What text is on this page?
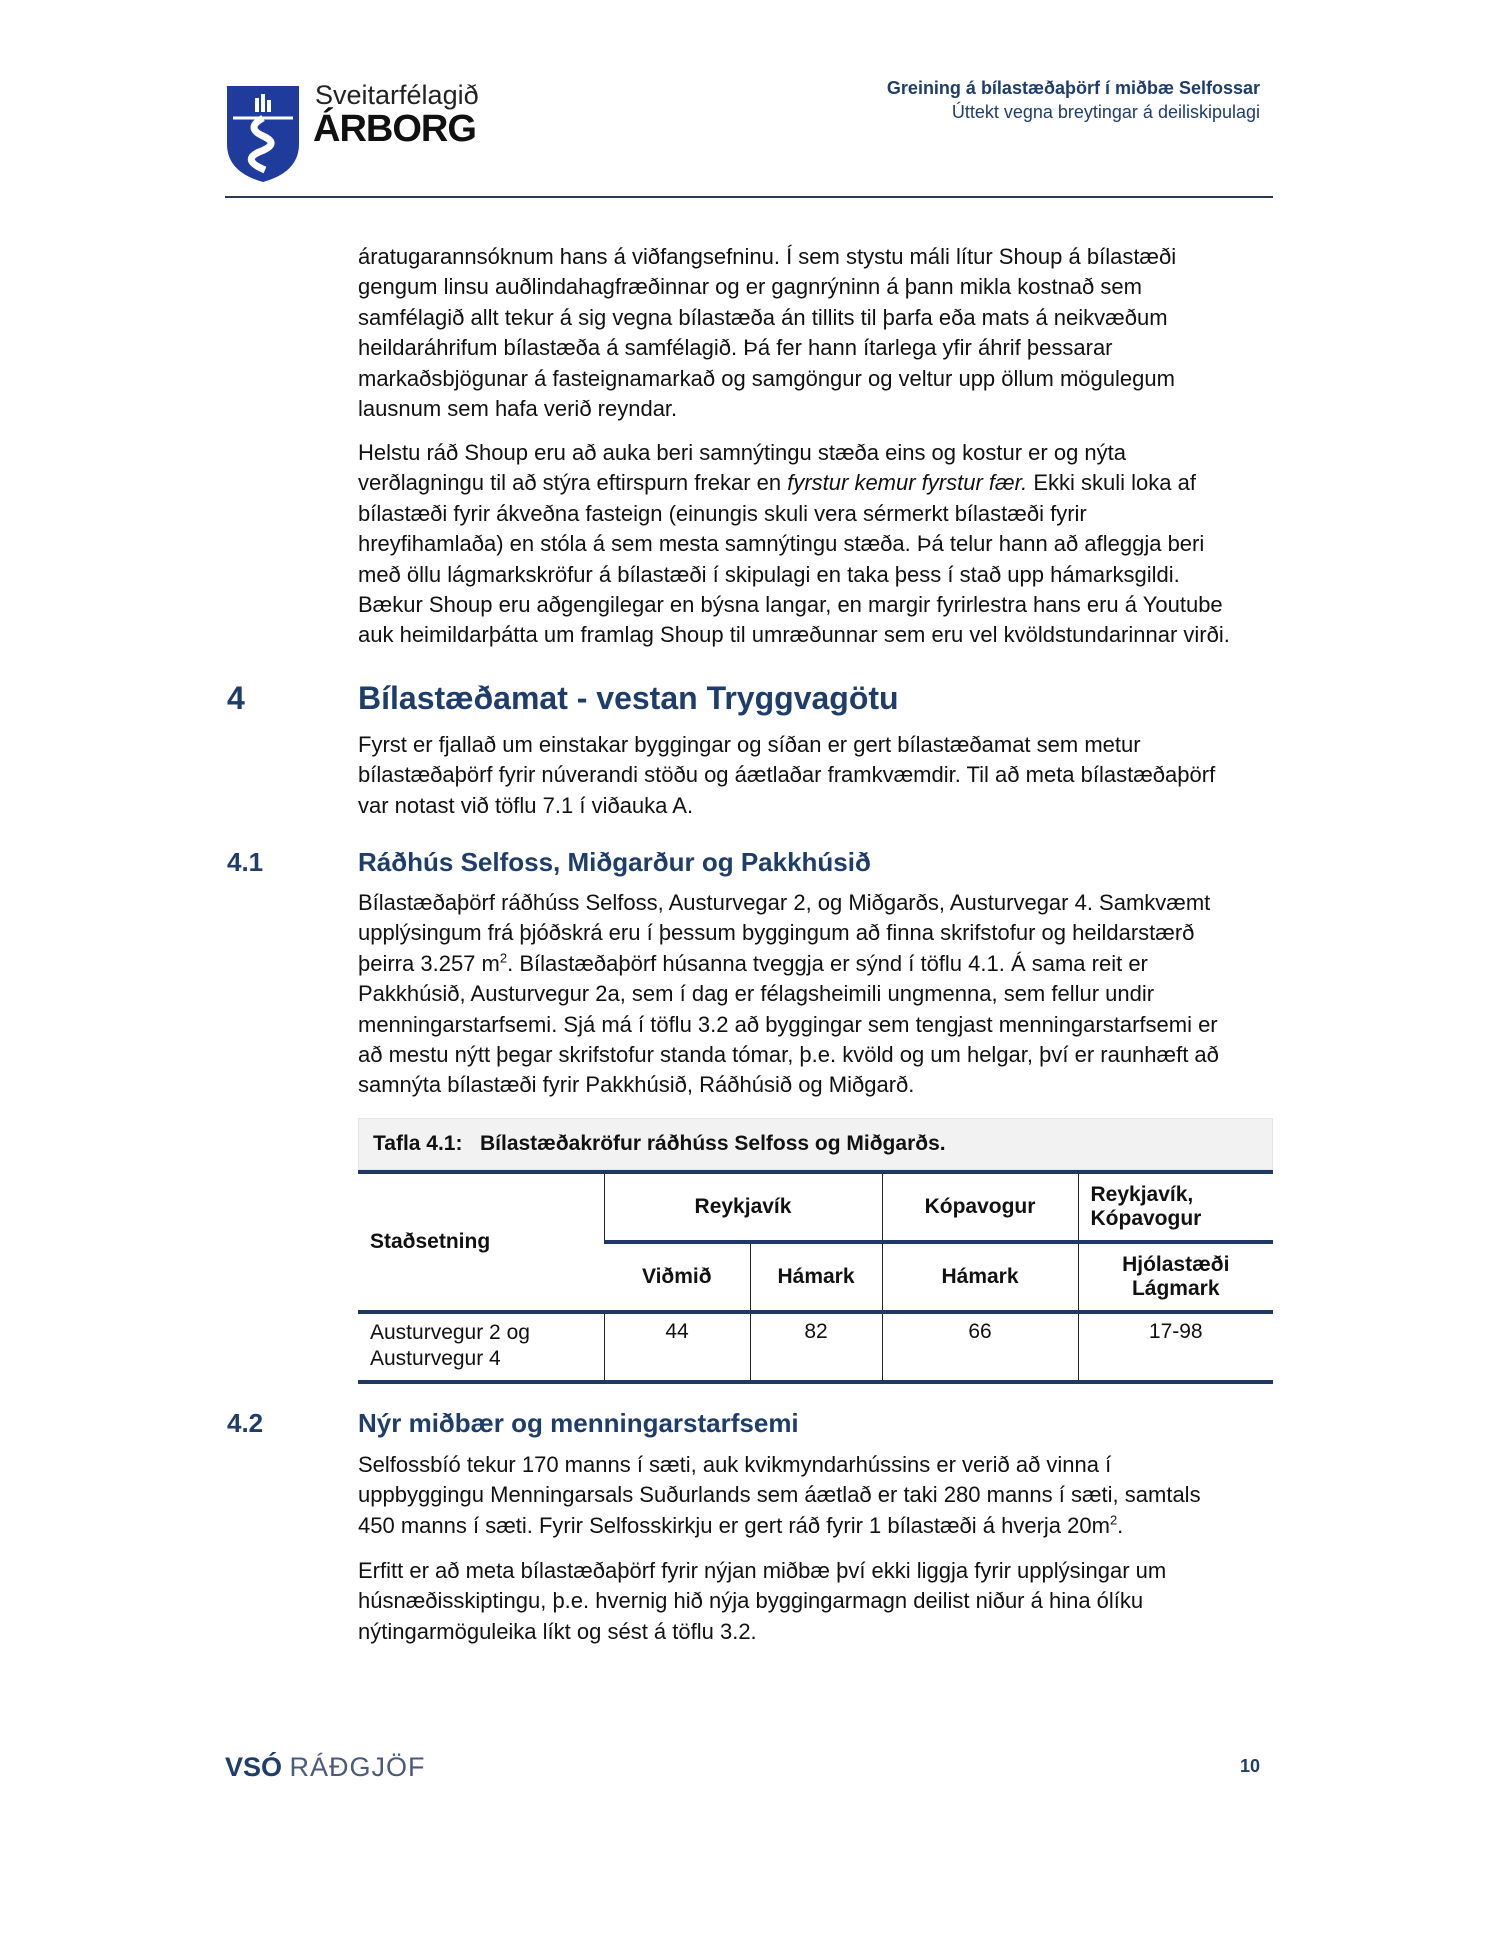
Sveitarfélagið
ÁRBORG
Greining á bílastæðaþörf í miðbæ Selfossar
Úttekt vegna breytingar á deiliskipulagi
áratugarannsóknum hans á viðfangsefninu. Í sem stystu máli lítur Shoup á bílastæði
gengum linsu auðlindahagfræðinnar og er gagnrýninn á þann mikla kostnað sem
samfélagið allt tekur á sig vegna bílastæða án tillits til þarfa eða mats á neikvæðum
heildaráhrifum bílastæða á samfélagið. Þá fer hann ítarlega yfir áhrif þessarar
markaðsbjögunar á fasteignamarkað og samgöngur og veltur upp öllum mögulegum
lausnum sem hafa verið reyndar.
Helstu ráð Shoup eru að auka beri samnýtingu stæða eins og kostur er og nýta
verðlagningu til að stýra eftirspurn frekar en fyrstur kemur fyrstur fær. Ekki skuli loka af
bílastæði fyrir ákveðna fasteign (einungis skuli vera sérmerkt bílastæði fyrir
hreyfihamlaða) en stóla á sem mesta samnýtingu stæða. Þá telur hann að afleggja beri
með öllu lágmarkskröfur á bílastæði í skipulagi en taka þess í stað upp hámarksgildi.
Bækur Shoup eru aðgengilegar en býsna langar, en margir fyrirlestra hans eru á Youtube
auk heimildarþátta um framlag Shoup til umræðunnar sem eru vel kvöldstundarinnar virði.
4	Bílastæðamat - vestan Tryggvagötu
Fyrst er fjallað um einstakar byggingar og síðan er gert bílastæðamat sem metur
bílastæðaþörf fyrir núverandi stöðu og áætlaðar framkvæmdir. Til að meta bílastæðaþörf
var notast við töflu 7.1 í viðauka A.
4.1	Ráðhús Selfoss, Miðgarður og Pakkhúsið
Bílastæðaþörf ráðhúss Selfoss, Austurvegar 2, og Miðgarðs, Austurvegar 4. Samkvæmt
upplýsingum frá þjóðskrá eru í þessum byggingum að finna skrifstofur og heildarstærð
þeirra 3.257 $m^2$. Bílastæðaþörf húsanna tveggja er sýnd í töflu 4.1. Á sama reit er
Pakkhúsið, Austurvegur 2a, sem í dag er félagsheimili ungmenna, sem fellur undir
menningarstarfsemi. Sjá má í töflu 3.2 að byggingar sem tengjast menningarstarfsemi er
að mestu nýtt þegar skrifstofur standa tómar, þ.e. kvöld og um helgar, því er raunhæft að
samnýta bílastæði fyrir Pakkhúsið, Ráðhúsið og Miðgarð.
Tafla 4.1:   Bílastæðakröfur ráðhúss Selfoss og Miðgarðs.
Staðsetning	Reykjavík		Kópavogur	Reykjavík,
Kópavogur
	Viðmið	Hámark	Hámark	Hjólastæði
Lágmark
Austurvegur 2 og
Austurvegur 4	44	82	66	17-98
4.2	Nýr miðbær og menningarstarfsemi
Selfossbíó tekur 170 manns í sæti, auk kvikmyndarhússins er verið að vinna í
uppbyggingu Menningarsals Suðurlands sem áætlað er taki 280 manns í sæti, samtals
450 manns í sæti. Fyrir Selfosskirkju er gert ráð fyrir 1 bílastæði á hverja $20m^2$.
Erfitt er að meta bílastæðaþörf fyrir nýjan miðbæ því ekki liggja fyrir upplýsingar um
húsnæðisskiptingu, þ.e. hvernig hið nýja byggingarmagn deilist niður á hina ólíku
nýtingarmöguleika líkt og sést á töflu 3.2.
VSÓ RÁÐGJÖF	10
